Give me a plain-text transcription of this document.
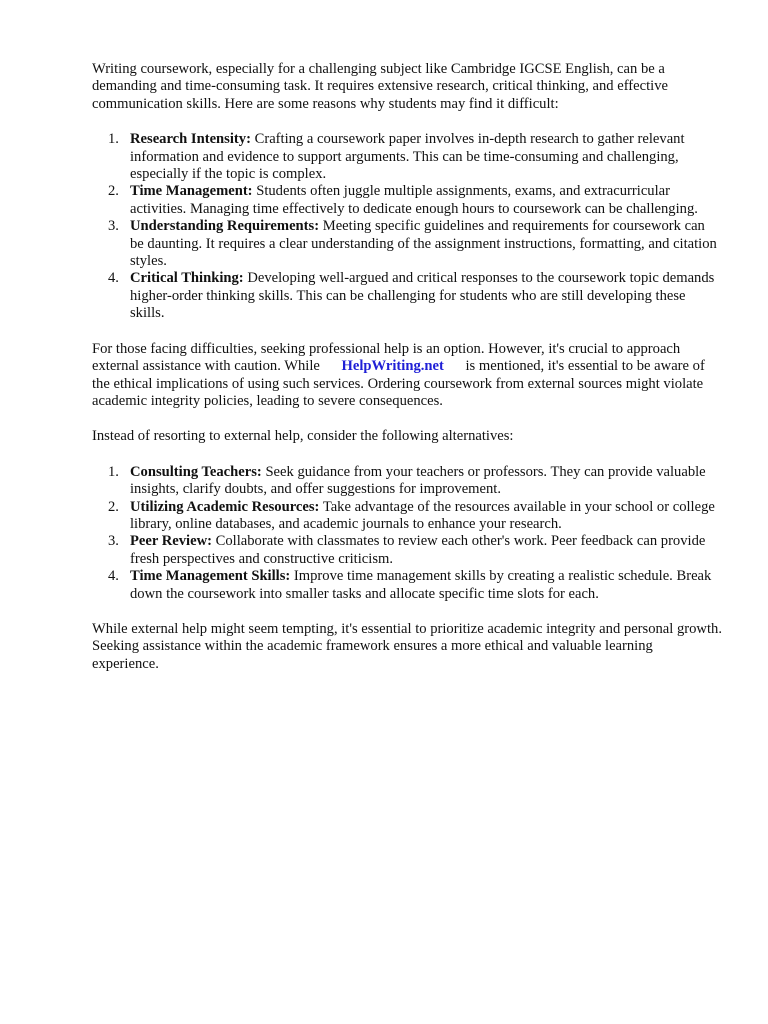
Writing coursework, especially for a challenging subject like Cambridge IGCSE English, can be a demanding and time-consuming task. It requires extensive research, critical thinking, and effective communication skills. Here are some reasons why students may find it difficult:

1. Research Intensity: Crafting a coursework paper involves in-depth research to gather relevant information and evidence to support arguments. This can be time-consuming and challenging, especially if the topic is complex.
2. Time Management: Students often juggle multiple assignments, exams, and extracurricular activities. Managing time effectively to dedicate enough hours to coursework can be challenging.
3. Understanding Requirements: Meeting specific guidelines and requirements for coursework can be daunting. It requires a clear understanding of the assignment instructions, formatting, and citation styles.
4. Critical Thinking: Developing well-argued and critical responses to the coursework topic demands higher-order thinking skills. This can be challenging for students who are still developing these skills.

For those facing difficulties, seeking professional help is an option. However, it's crucial to approach external assistance with caution. While HelpWriting.net is mentioned, it's essential to be aware of the ethical implications of using such services. Ordering coursework from external sources might violate academic integrity policies, leading to severe consequences.

Instead of resorting to external help, consider the following alternatives:

1. Consulting Teachers: Seek guidance from your teachers or professors. They can provide valuable insights, clarify doubts, and offer suggestions for improvement.
2. Utilizing Academic Resources: Take advantage of the resources available in your school or college library, online databases, and academic journals to enhance your research.
3. Peer Review: Collaborate with classmates to review each other's work. Peer feedback can provide fresh perspectives and constructive criticism.
4. Time Management Skills: Improve time management skills by creating a realistic schedule. Break down the coursework into smaller tasks and allocate specific time slots for each.

While external help might seem tempting, it's essential to prioritize academic integrity and personal growth. Seeking assistance within the academic framework ensures a more ethical and valuable learning experience.
